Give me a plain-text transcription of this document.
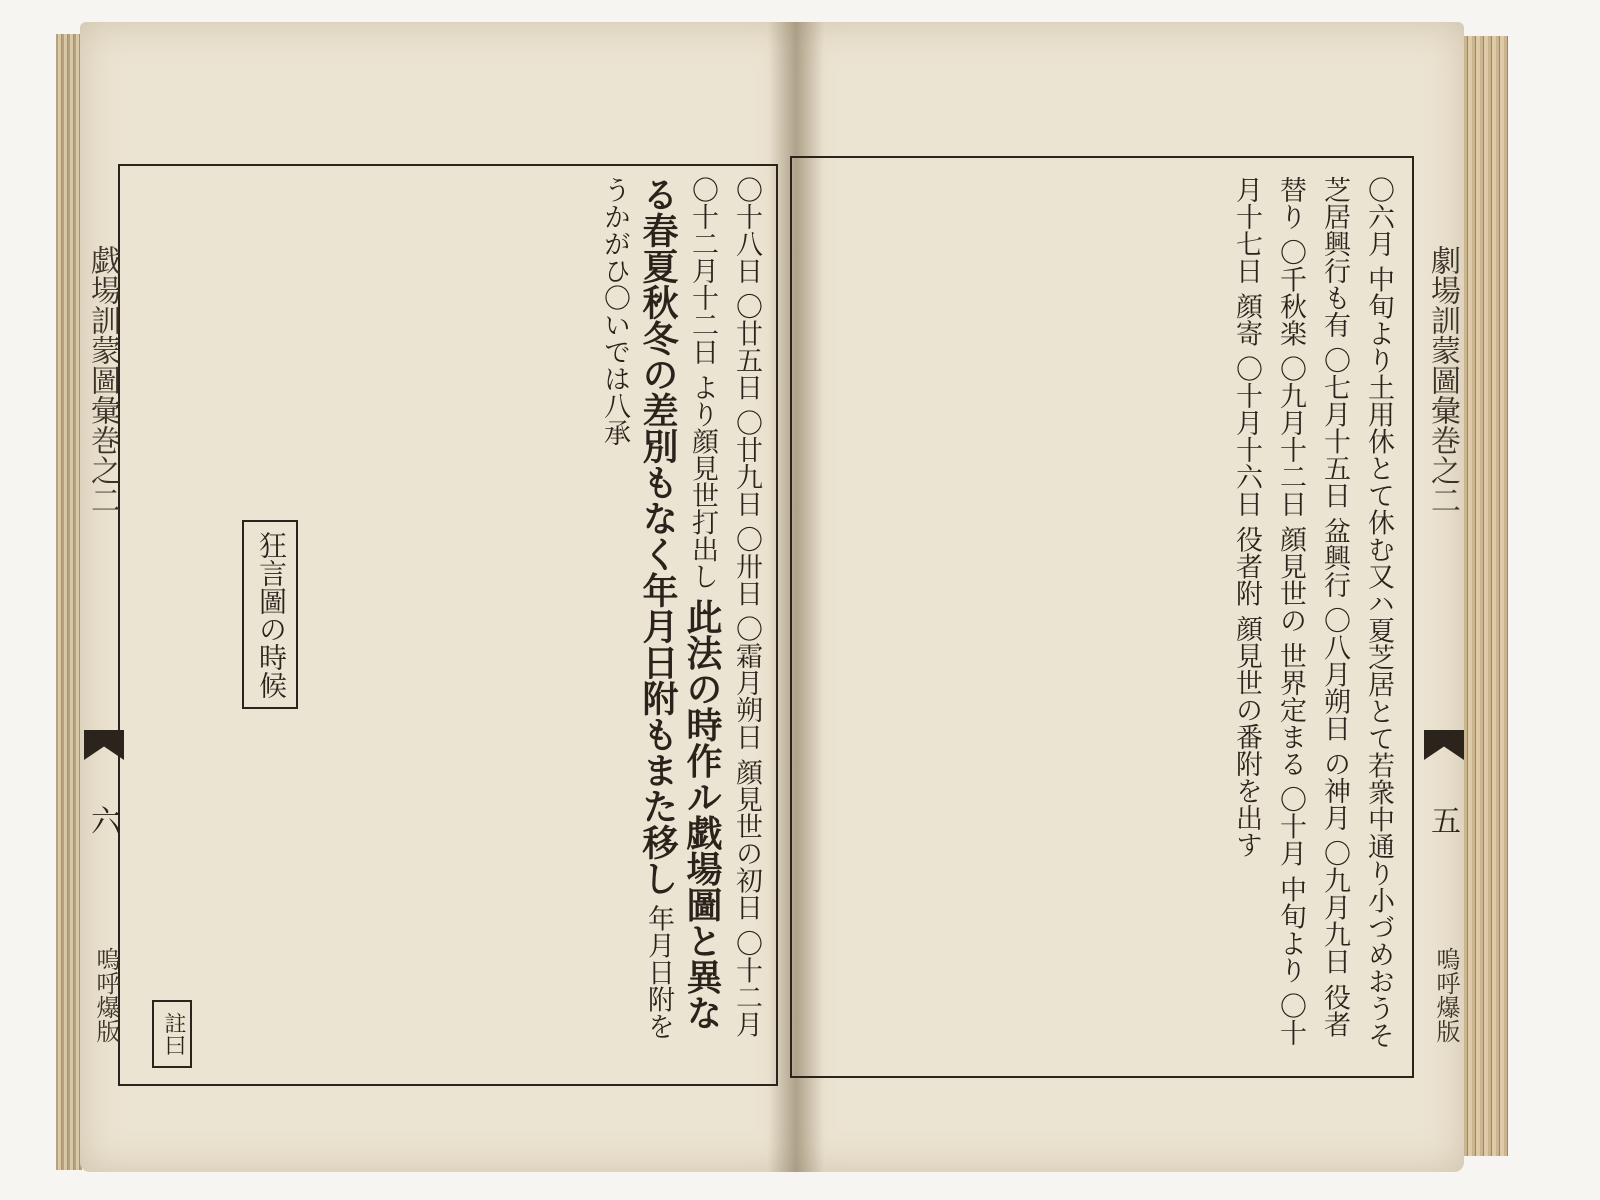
〇六月 中旬より土用休とて休む又ハ夏芝居とて若衆中通り小づめおうそ芝居興行も有 〇七月十五日 盆興行 〇八月朔日 の神月 〇九月九日 役者替り 〇千秋楽 〇九月十二日 顔見世の 世界定まる 〇十月 中旬より 〇十月十七日 顔寄 〇十月十六日 役者附 顔見世の番附を出す	劇場訓蒙圖彙巻之二
五
嗚呼爆版
〇十八日 〇廿五日 〇廿九日 〇卅日 〇霜月朔日 顔見世の初日 〇十二月 〇十二月十二日 より顔見世打出し 此法の時作ル戯場圖と異なる春夏秋冬の差別もなく年月日附もまた移し 年月日附をうかがひ〇いでは八承
狂言圖の時候
註曰
戯場訓蒙圖彙巻之二
六
嗚呼爆版
